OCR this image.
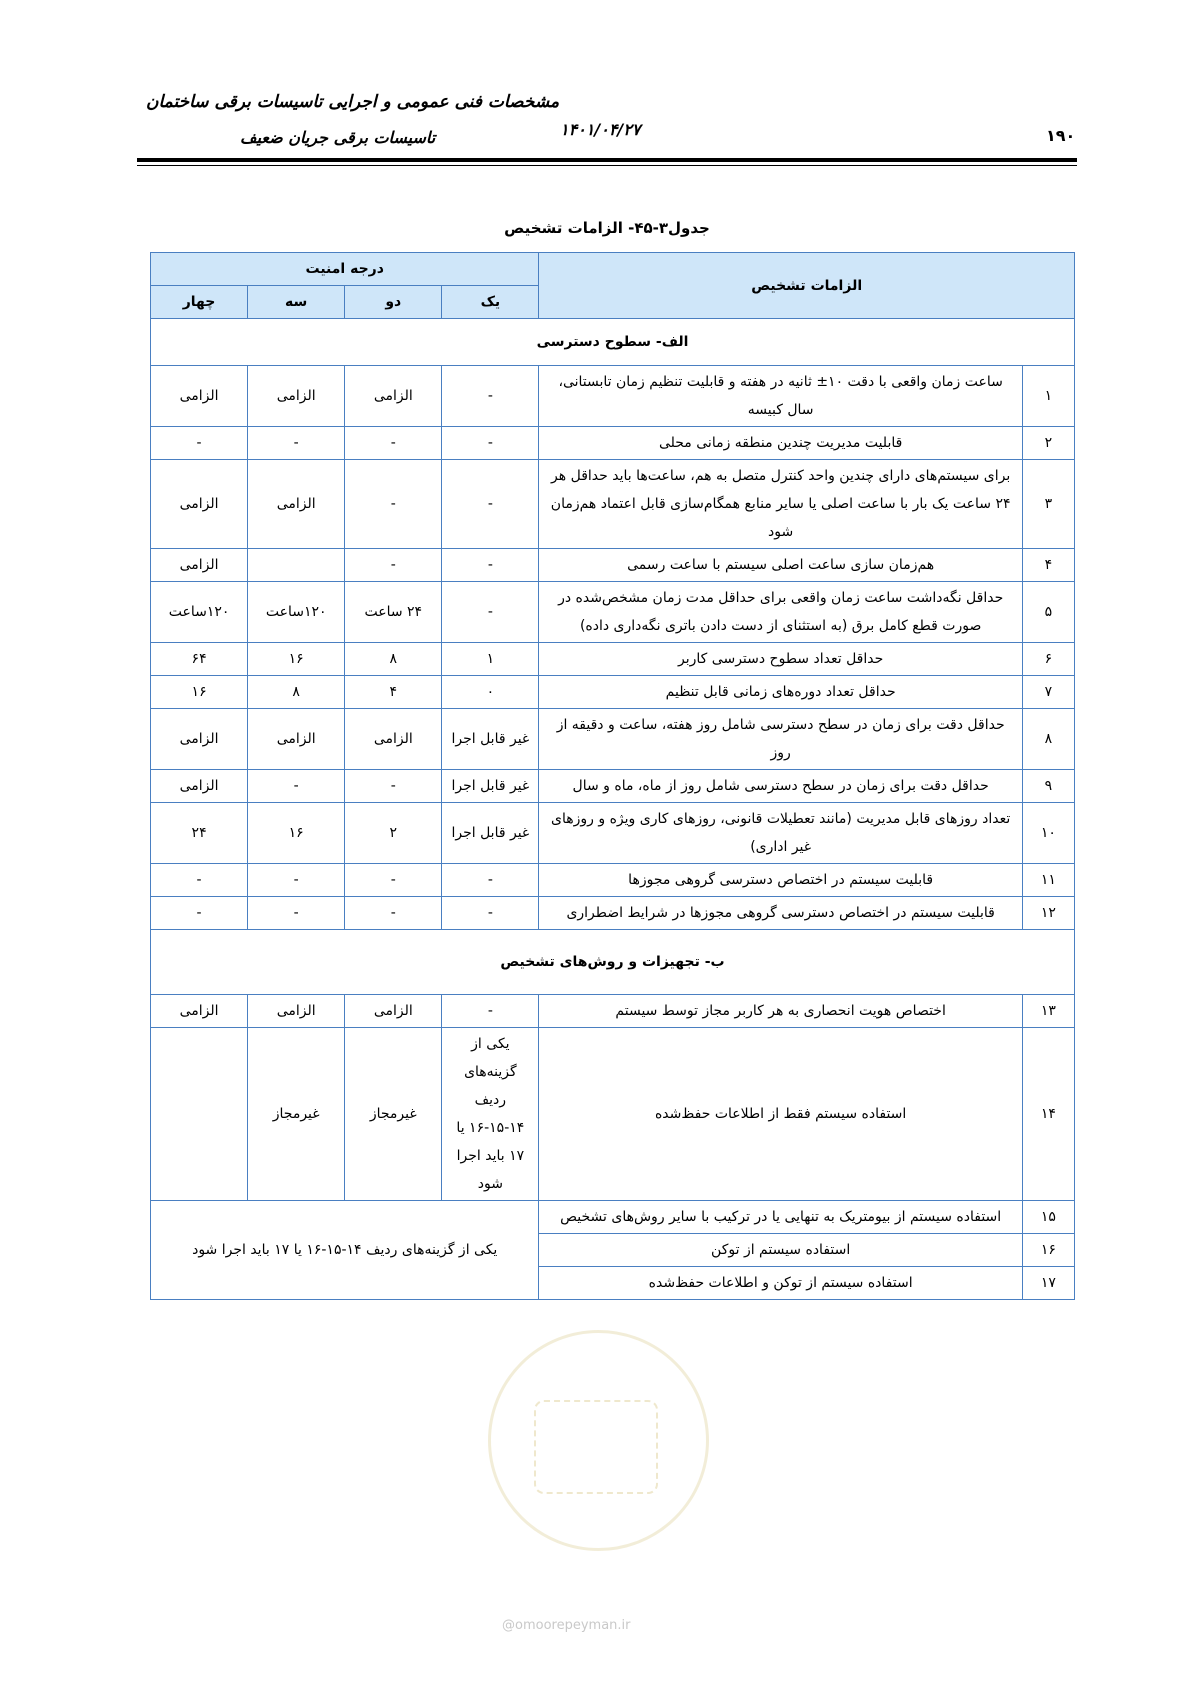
مشخصات فنی عمومی و اجرایی تاسیسات برقی ساختمان
تاسیسات برقی جریان ضعیف	۱۴۰۱/۰۴/۲۷	۱۹۰
جدول۳-۴۵- الزامات تشخیص
الزامات تشخیص		درجه امنیت			
		یک	دو	سه	چهار
الف- سطوح دسترسی					
۱	ساعت زمان واقعی با دقت ۱۰± ثانیه در هفته و قابلیت تنظیم زمان تابستانی، سال کبیسه	-	الزامی	الزامی	الزامی
۲	قابلیت مدیریت چندین منطقه زمانی محلی	-	-	-	-
۳	برای سیستم‌های دارای چندین واحد کنترل متصل به هم، ساعت‌ها باید حداقل هر ۲۴ ساعت یک بار با ساعت اصلی یا سایر منابع همگام‌سازی قابل اعتماد هم‌زمان شود	-	-	الزامی	الزامی
۴	هم‌زمان سازی ساعت اصلی سیستم با ساعت رسمی	-	-		الزامی
۵	حداقل نگه‌داشت ساعت زمان واقعی برای حداقل مدت زمان مشخص‌شده در صورت قطع کامل برق (به استثنای از دست دادن باتری نگه‌داری داده)	-	۲۴ ساعت	۱۲۰ساعت	۱۲۰ساعت
۶	حداقل تعداد سطوح دسترسی کاربر	۱	۸	۱۶	۶۴
۷	حداقل تعداد دوره‌های زمانی قابل تنظیم	۰	۴	۸	۱۶
۸	حداقل دقت برای زمان در سطح دسترسی شامل روز هفته، ساعت و دقیقه از روز	غیر قابل اجرا	الزامی	الزامی	الزامی
۹	حداقل دقت برای زمان در سطح دسترسی شامل روز از ماه، ماه و سال	غیر قابل اجرا	-	-	الزامی
۱۰	تعداد روزهای قابل مدیریت (مانند تعطیلات قانونی، روزهای کاری ویژه و روزهای غیر اداری)	غیر قابل اجرا	۲	۱۶	۲۴
۱۱	قابلیت سیستم در اختصاص دسترسی گروهی مجوزها	-	-	-	-
۱۲	قابلیت سیستم در اختصاص دسترسی گروهی مجوزها در شرایط اضطراری	-	-	-	-
ب- تجهیزات و روش‌های تشخیص					
۱۳	اختصاص هویت انحصاری به هر کاربر مجاز توسط سیستم	-	الزامی	الزامی	الزامی
۱۴	استفاده سیستم فقط از اطلاعات حفظ‌شده	یکی از گزینه‌های ردیف ۱۴-۱۵-۱۶ یا ۱۷ باید اجرا شود	غیرمجاز	غیرمجاز	
۱۵	استفاده سیستم از بیومتریک به تنهایی یا در ترکیب با سایر روش‌های تشخیص	یکی از گزینه‌های ردیف ۱۴-۱۵-۱۶ یا ۱۷ باید اجرا شود			
۱۶	استفاده سیستم از توکن				
۱۷	استفاده سیستم از توکن و اطلاعات حفظ‌شده				
@omoorepeyman.ir
